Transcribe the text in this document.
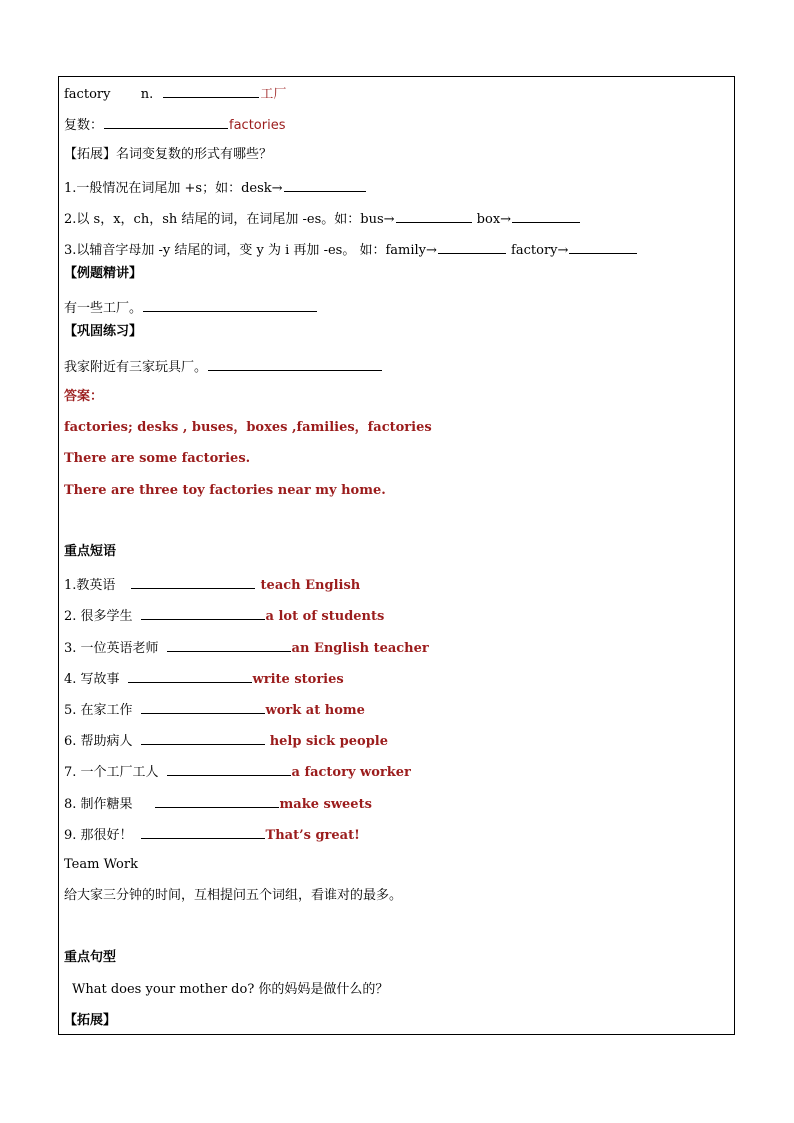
factory n.	工厂
复数：	factories
【拓展】名词变复数的形式有哪些？
1.一般情况在词尾加 +s；如：desk→
2.以 s，x，ch，sh 结尾的词，在词尾加 -es。如：bus→	box→
3.以辅音字母加 -y 结尾的词，变 y 为 i 再加 -es。 如：family→	factory→
【例题精讲】
有一些工厂。
【巩固练习】
我家附近有三家玩具厂。
答案：
factories; desks , buses，boxes ,families，factories
There are some factories.
There are three toy factories near my home.
重点短语
1.教英语	teach English
2. 很多学生	a lot of students
3. 一位英语老师	an English teacher
4. 写故事	write stories
5. 在家工作	work at home
6. 帮助病人	help sick people
7. 一个工厂工人	a factory worker
8. 制作糖果	make sweets
9. 那很好！	That’s great!
Team Work
给大家三分钟的时间，互相提问五个词组，看谁对的最多。
重点句型
What does your mother do? 你的妈妈是做什么的？
【拓展】
